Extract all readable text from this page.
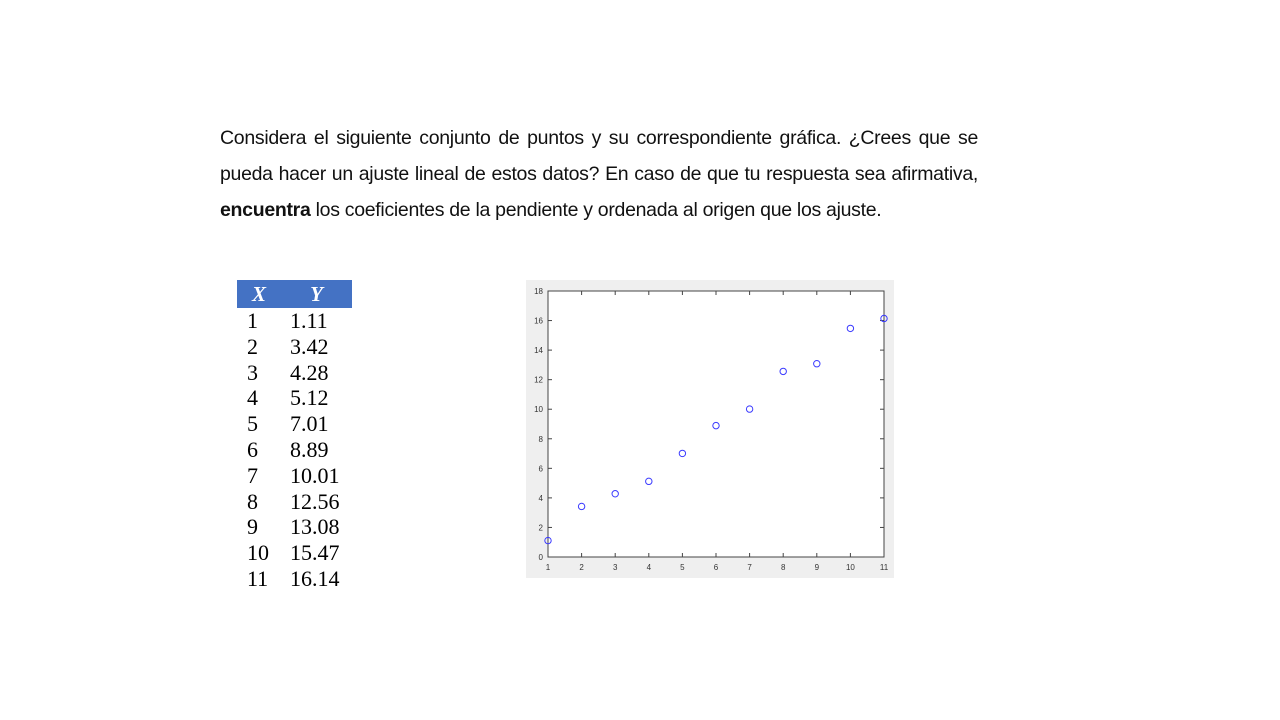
Considera el siguiente conjunto de puntos y su correspondiente gráfica. ¿Crees que se pueda hacer un ajuste lineal de estos datos? En caso de que tu respuesta sea afirmativa, encuentra los coeficientes de la pendiente y ordenada al origen que los ajuste.
X	Y
1	1.11
2	3.42
3	4.28
4	5.12
5	7.01
6	8.89
7	10.01
8	12.56
9	13.08
10	15.47
11	16.14	1	2	3	4	5	6	7	8	9	10	11
0
2
4
6
8
10
12
14
16
18
